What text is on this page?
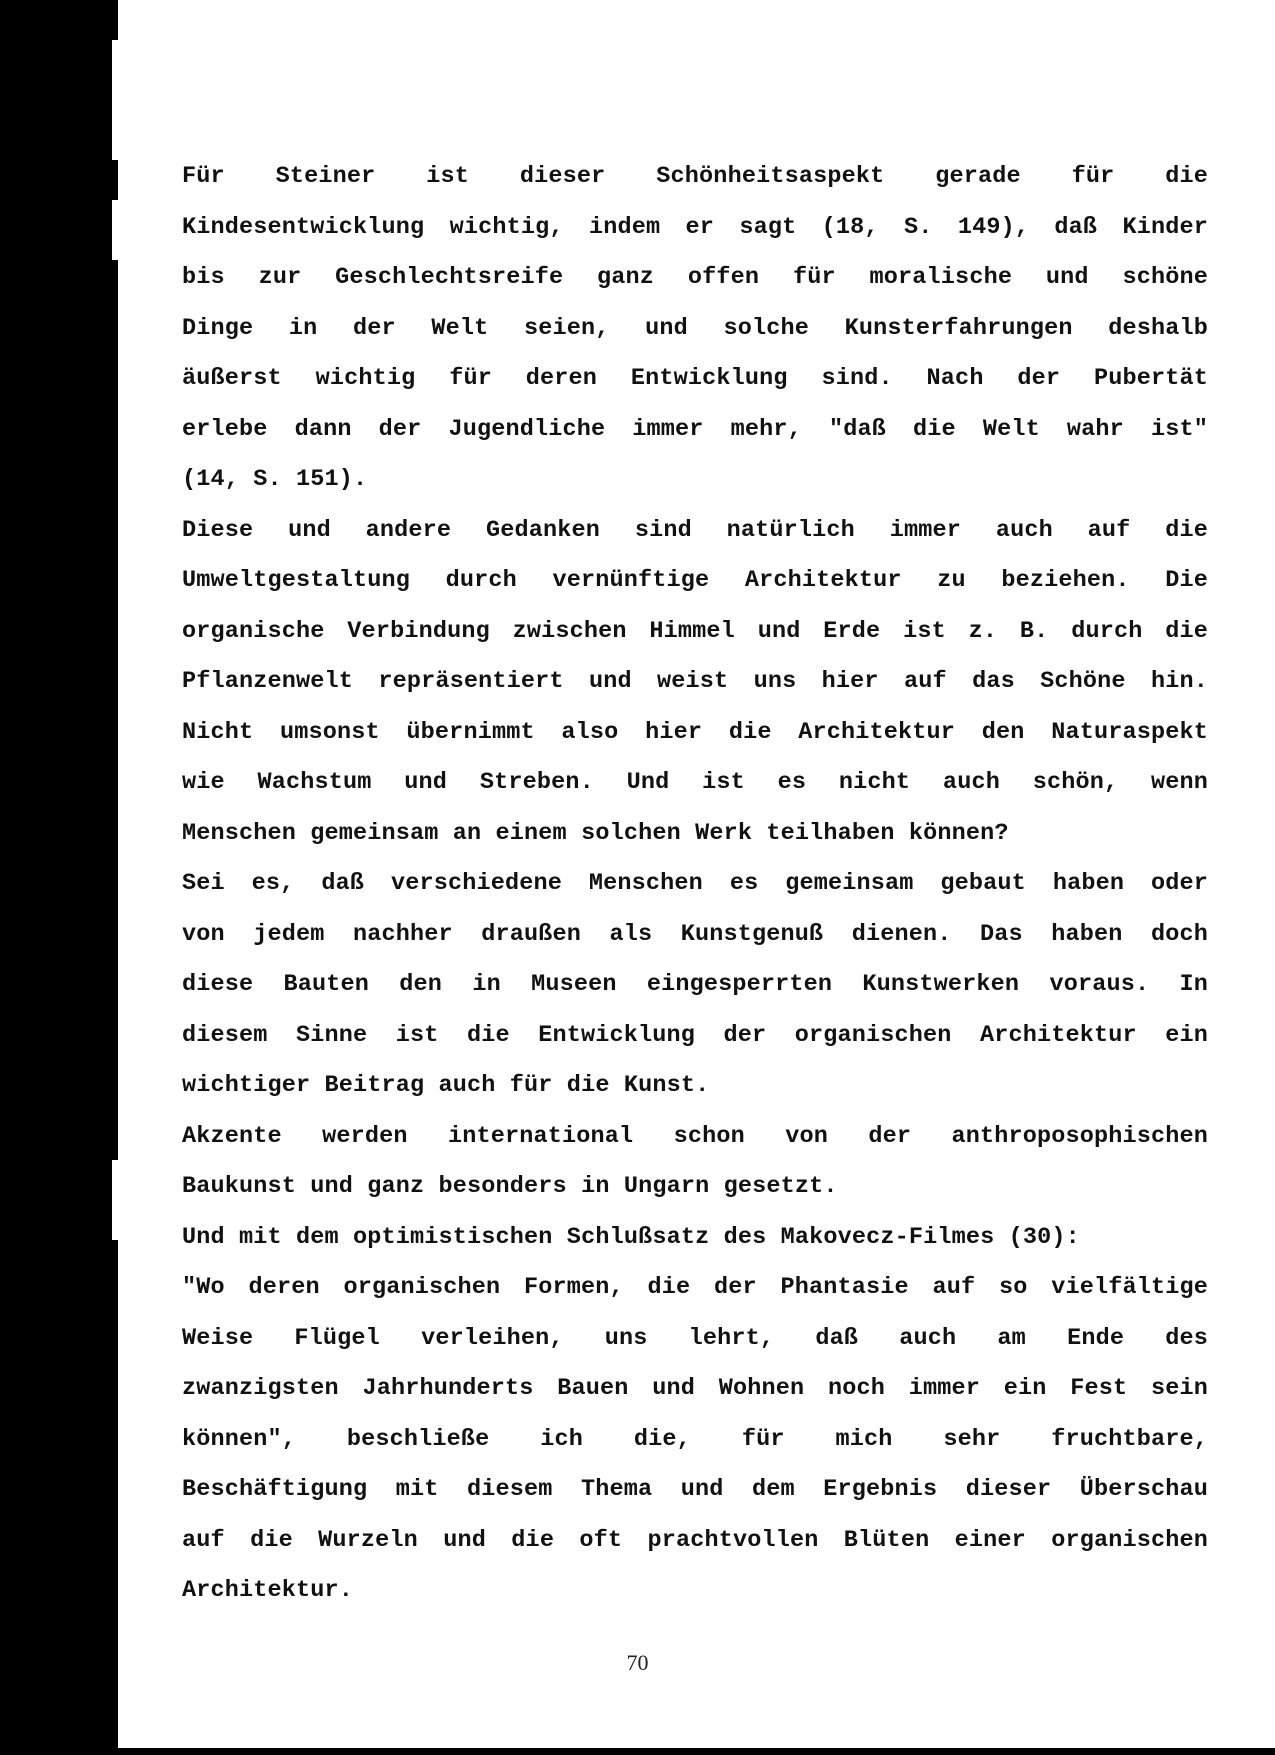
Für Steiner ist dieser Schönheitsaspekt gerade für die
Kindesentwicklung wichtig, indem er sagt (18, S. 149), daß Kinder
bis zur Geschlechtsreife ganz offen für moralische und schöne
Dinge in der Welt seien, und solche Kunsterfahrungen deshalb
äußerst wichtig für deren Entwicklung sind. Nach der Pubertät
erlebe dann der Jugendliche immer mehr, "daß die Welt wahr ist"
(14, S. 151).
Diese und andere Gedanken sind natürlich immer auch auf die
Umweltgestaltung durch vernünftige Architektur zu beziehen. Die
organische Verbindung zwischen Himmel und Erde ist z. B. durch die
Pflanzenwelt repräsentiert und weist uns hier auf das Schöne hin.
Nicht umsonst übernimmt also hier die Architektur den Naturaspekt
wie Wachstum und Streben. Und ist es nicht auch schön, wenn
Menschen gemeinsam an einem solchen Werk teilhaben können?
Sei es, daß verschiedene Menschen es gemeinsam gebaut haben oder
von jedem nachher draußen als Kunstgenuß dienen. Das haben doch
diese Bauten den in Museen eingesperrten Kunstwerken voraus. In
diesem Sinne ist die Entwicklung der organischen Architektur ein
wichtiger Beitrag auch für die Kunst.
Akzente werden international schon von der anthroposophischen
Baukunst und ganz besonders in Ungarn gesetzt.
Und mit dem optimistischen Schlußsatz des Makovecz-Filmes (30):
"Wo deren organischen Formen, die der Phantasie auf so vielfältige
Weise Flügel verleihen, uns lehrt, daß auch am Ende des
zwanzigsten Jahrhunderts Bauen und Wohnen noch immer ein Fest sein
können", beschließe ich die, für mich sehr fruchtbare,
Beschäftigung mit diesem Thema und dem Ergebnis dieser Überschau
auf die Wurzeln und die oft prachtvollen Blüten einer organischen
Architektur.
70
